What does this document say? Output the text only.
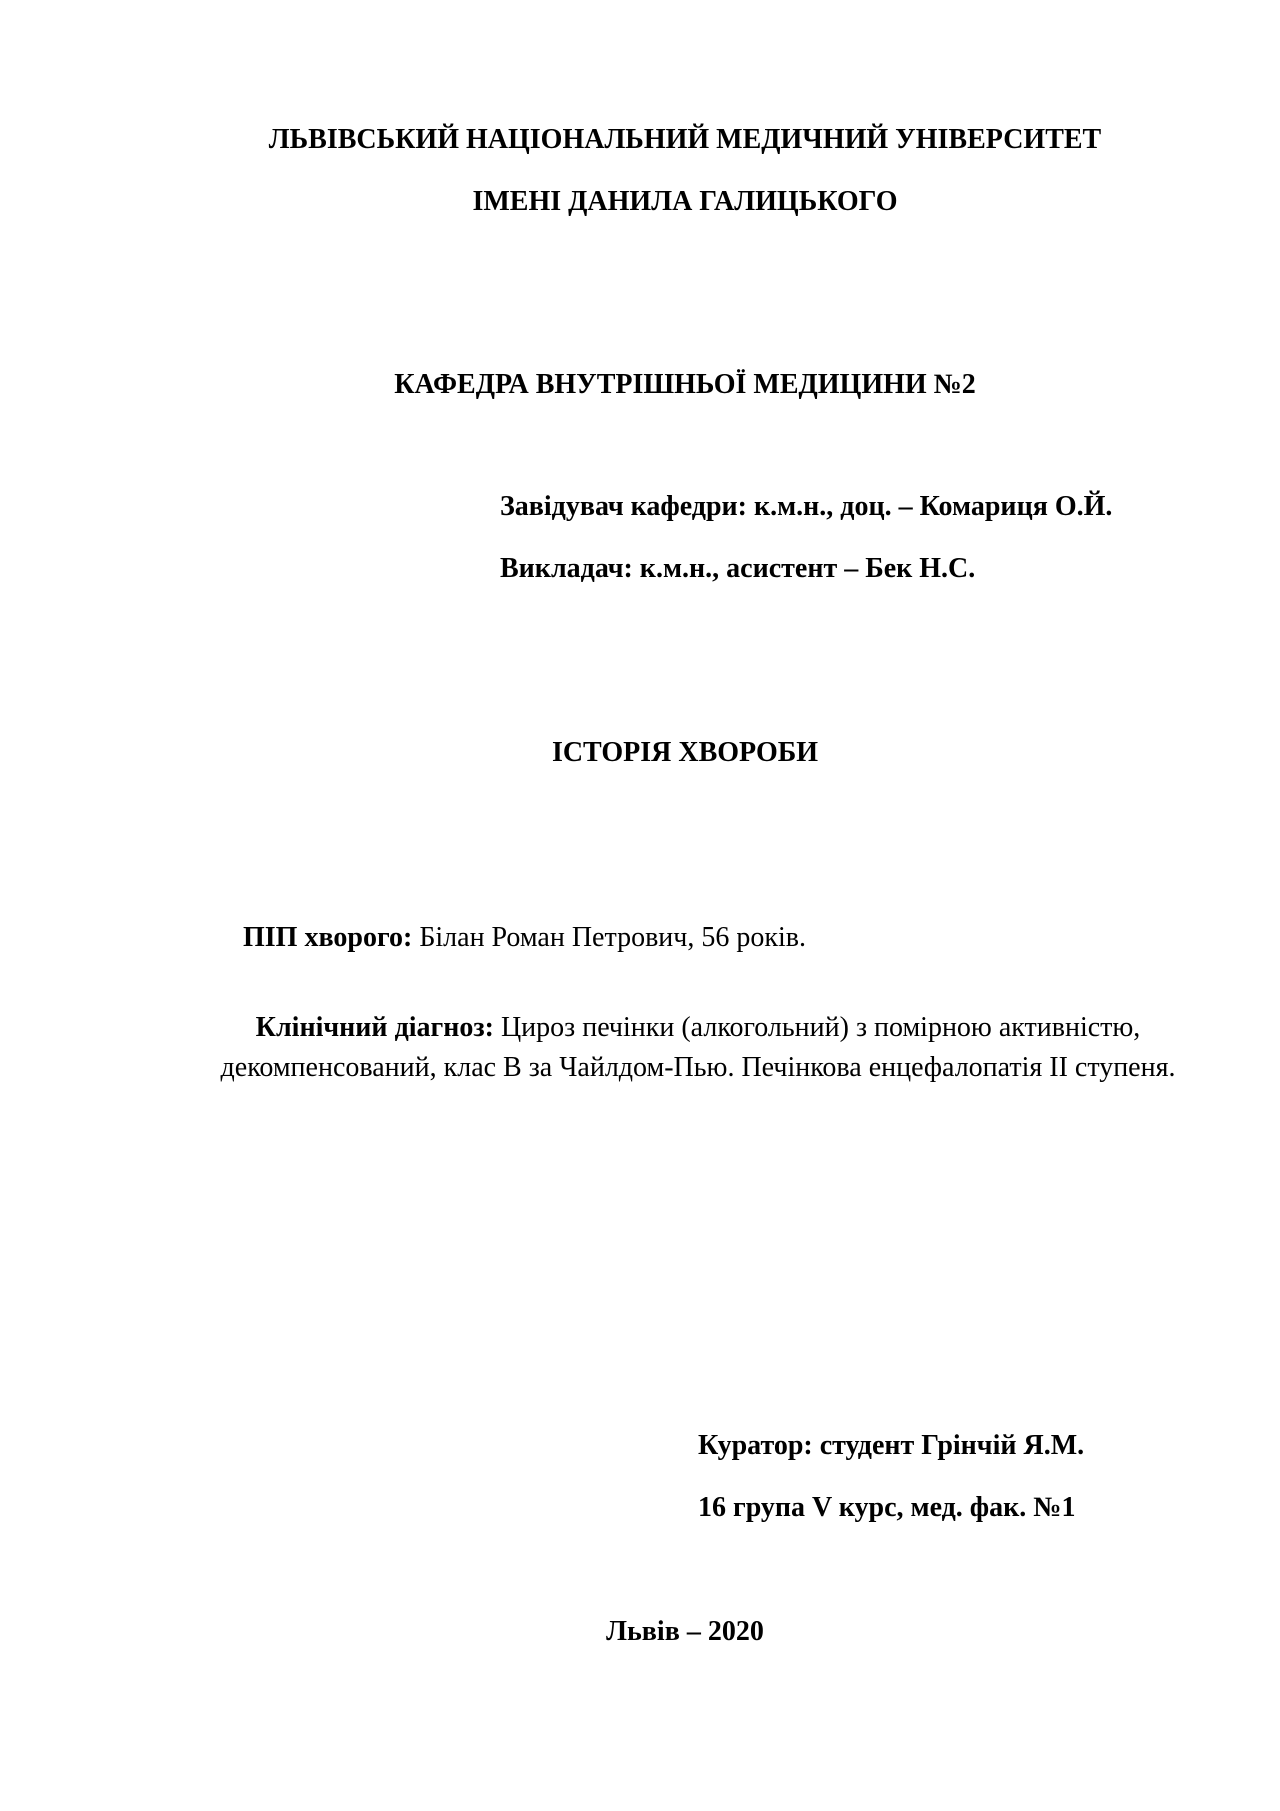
ЛЬВІВСЬКИЙ НАЦІОНАЛЬНИЙ МЕДИЧНИЙ УНІВЕРСИТЕТ

ІМЕНІ ДАНИЛА ГАЛИЦЬКОГО

КАФЕДРА ВНУТРІШНЬОЇ МЕДИЦИНИ №2

Завідувач кафедри: к.м.н., доц. – Комариця О.Й.

Викладач: к.м.н., асистент – Бек Н.С.

ІСТОРІЯ ХВОРОБИ

ПІП хворого: Білан Роман Петрович, 56 років.

Клінічний діагноз: Цироз печінки (алкогольний) з помірною активністю, декомпенсований, клас В за Чайлдом-Пью. Печінкова енцефалопатія II ступеня.

Куратор: студент Грінчій Я.М.

16 група V курс, мед. фак. №1

Львів – 2020
